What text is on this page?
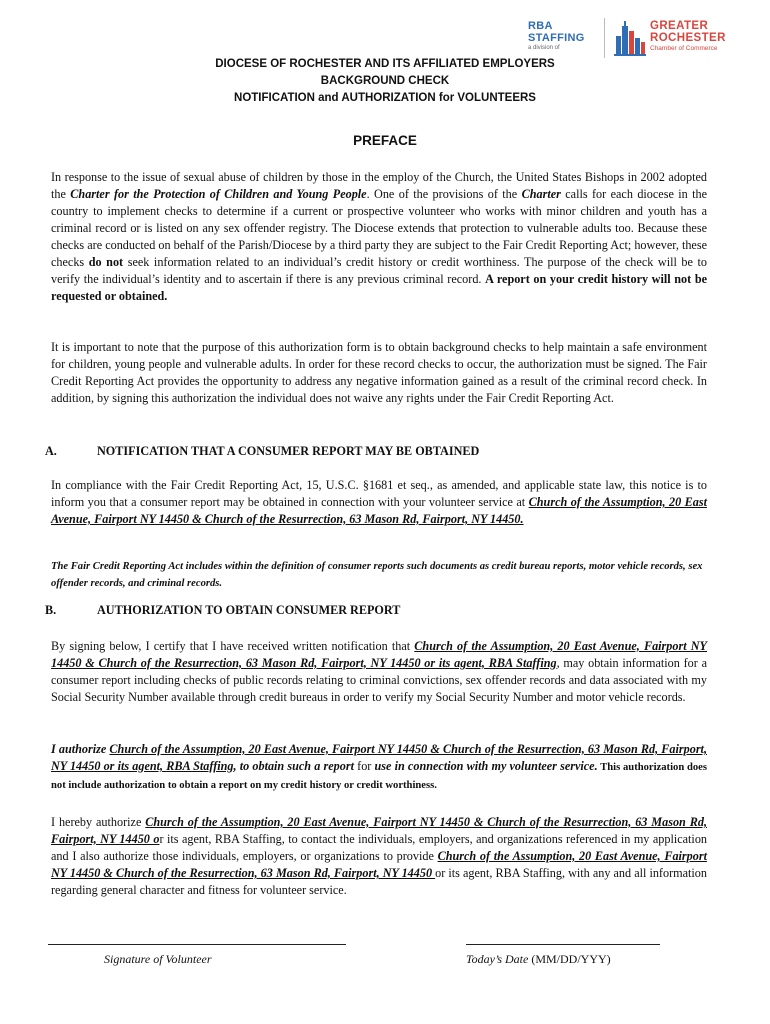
RBA
STAFFING
a division of
GREATER
ROCHESTER
Chamber of Commerce
DIOCESE OF ROCHESTER AND ITS AFFILIATED EMPLOYERS
BACKGROUND CHECK
NOTIFICATION and AUTHORIZATION for VOLUNTEERS
PREFACE
In response to the issue of sexual abuse of children by those in the employ of the Church, the United States Bishops in 2002 adopted the Charter for the Protection of Children and Young People. One of the provisions of the Charter calls for each diocese in the country to implement checks to determine if a current or prospective volunteer who works with minor children and youth has a criminal record or is listed on any sex offender registry. The Diocese extends that protection to vulnerable adults too. Because these checks are conducted on behalf of the Parish/Diocese by a third party they are subject to the Fair Credit Reporting Act; however, these checks do not seek information related to an individual’s credit history or credit worthiness. The purpose of the check will be to verify the individual’s identity and to ascertain if there is any previous criminal record. A report on your credit history will not be requested or obtained.
It is important to note that the purpose of this authorization form is to obtain background checks to help maintain a safe environment for children, young people and vulnerable adults. In order for these record checks to occur, the authorization must be signed. The Fair Credit Reporting Act provides the opportunity to address any negative information gained as a result of the criminal record check. In addition, by signing this authorization the individual does not waive any rights under the Fair Credit Reporting Act.
A.	NOTIFICATION THAT A CONSUMER REPORT MAY BE OBTAINED
In compliance with the Fair Credit Reporting Act, 15, U.S.C. §1681 et seq., as amended, and applicable state law, this notice is to inform you that a consumer report may be obtained in connection with your volunteer service at Church of the Assumption, 20 East Avenue, Fairport NY 14450 & Church of the Resurrection, 63 Mason Rd, Fairport, NY 14450.
The Fair Credit Reporting Act includes within the definition of consumer reports such documents as credit bureau reports, motor vehicle records, sex offender records, and criminal records.
B.	AUTHORIZATION TO OBTAIN CONSUMER REPORT
By signing below, I certify that I have received written notification that Church of the Assumption, 20 East Avenue, Fairport NY 14450 & Church of the Resurrection, 63 Mason Rd, Fairport, NY 14450 or its agent, RBA Staffing, may obtain information for a consumer report including checks of public records relating to criminal convictions, sex offender records and data associated with my Social Security Number available through credit bureaus in order to verify my Social Security Number and motor vehicle records.
I authorize Church of the Assumption, 20 East Avenue, Fairport NY 14450 & Church of the Resurrection, 63 Mason Rd, Fairport, NY 14450 or its agent, RBA Staffing, to obtain such a report for use in connection with my volunteer service. This authorization does not include authorization to obtain a report on my credit history or credit worthiness.
I hereby authorize Church of the Assumption, 20 East Avenue, Fairport NY 14450 & Church of the Resurrection, 63 Mason Rd, Fairport, NY 14450 or its agent, RBA Staffing, to contact the individuals, employers, and organizations referenced in my application and I also authorize those individuals, employers, or organizations to provide Church of the Assumption, 20 East Avenue, Fairport NY 14450 & Church of the Resurrection, 63 Mason Rd, Fairport, NY 14450 or its agent, RBA Staffing, with any and all information regarding general character and fitness for volunteer service.
Signature of Volunteer	Today’s Date (MM/DD/YYY)
